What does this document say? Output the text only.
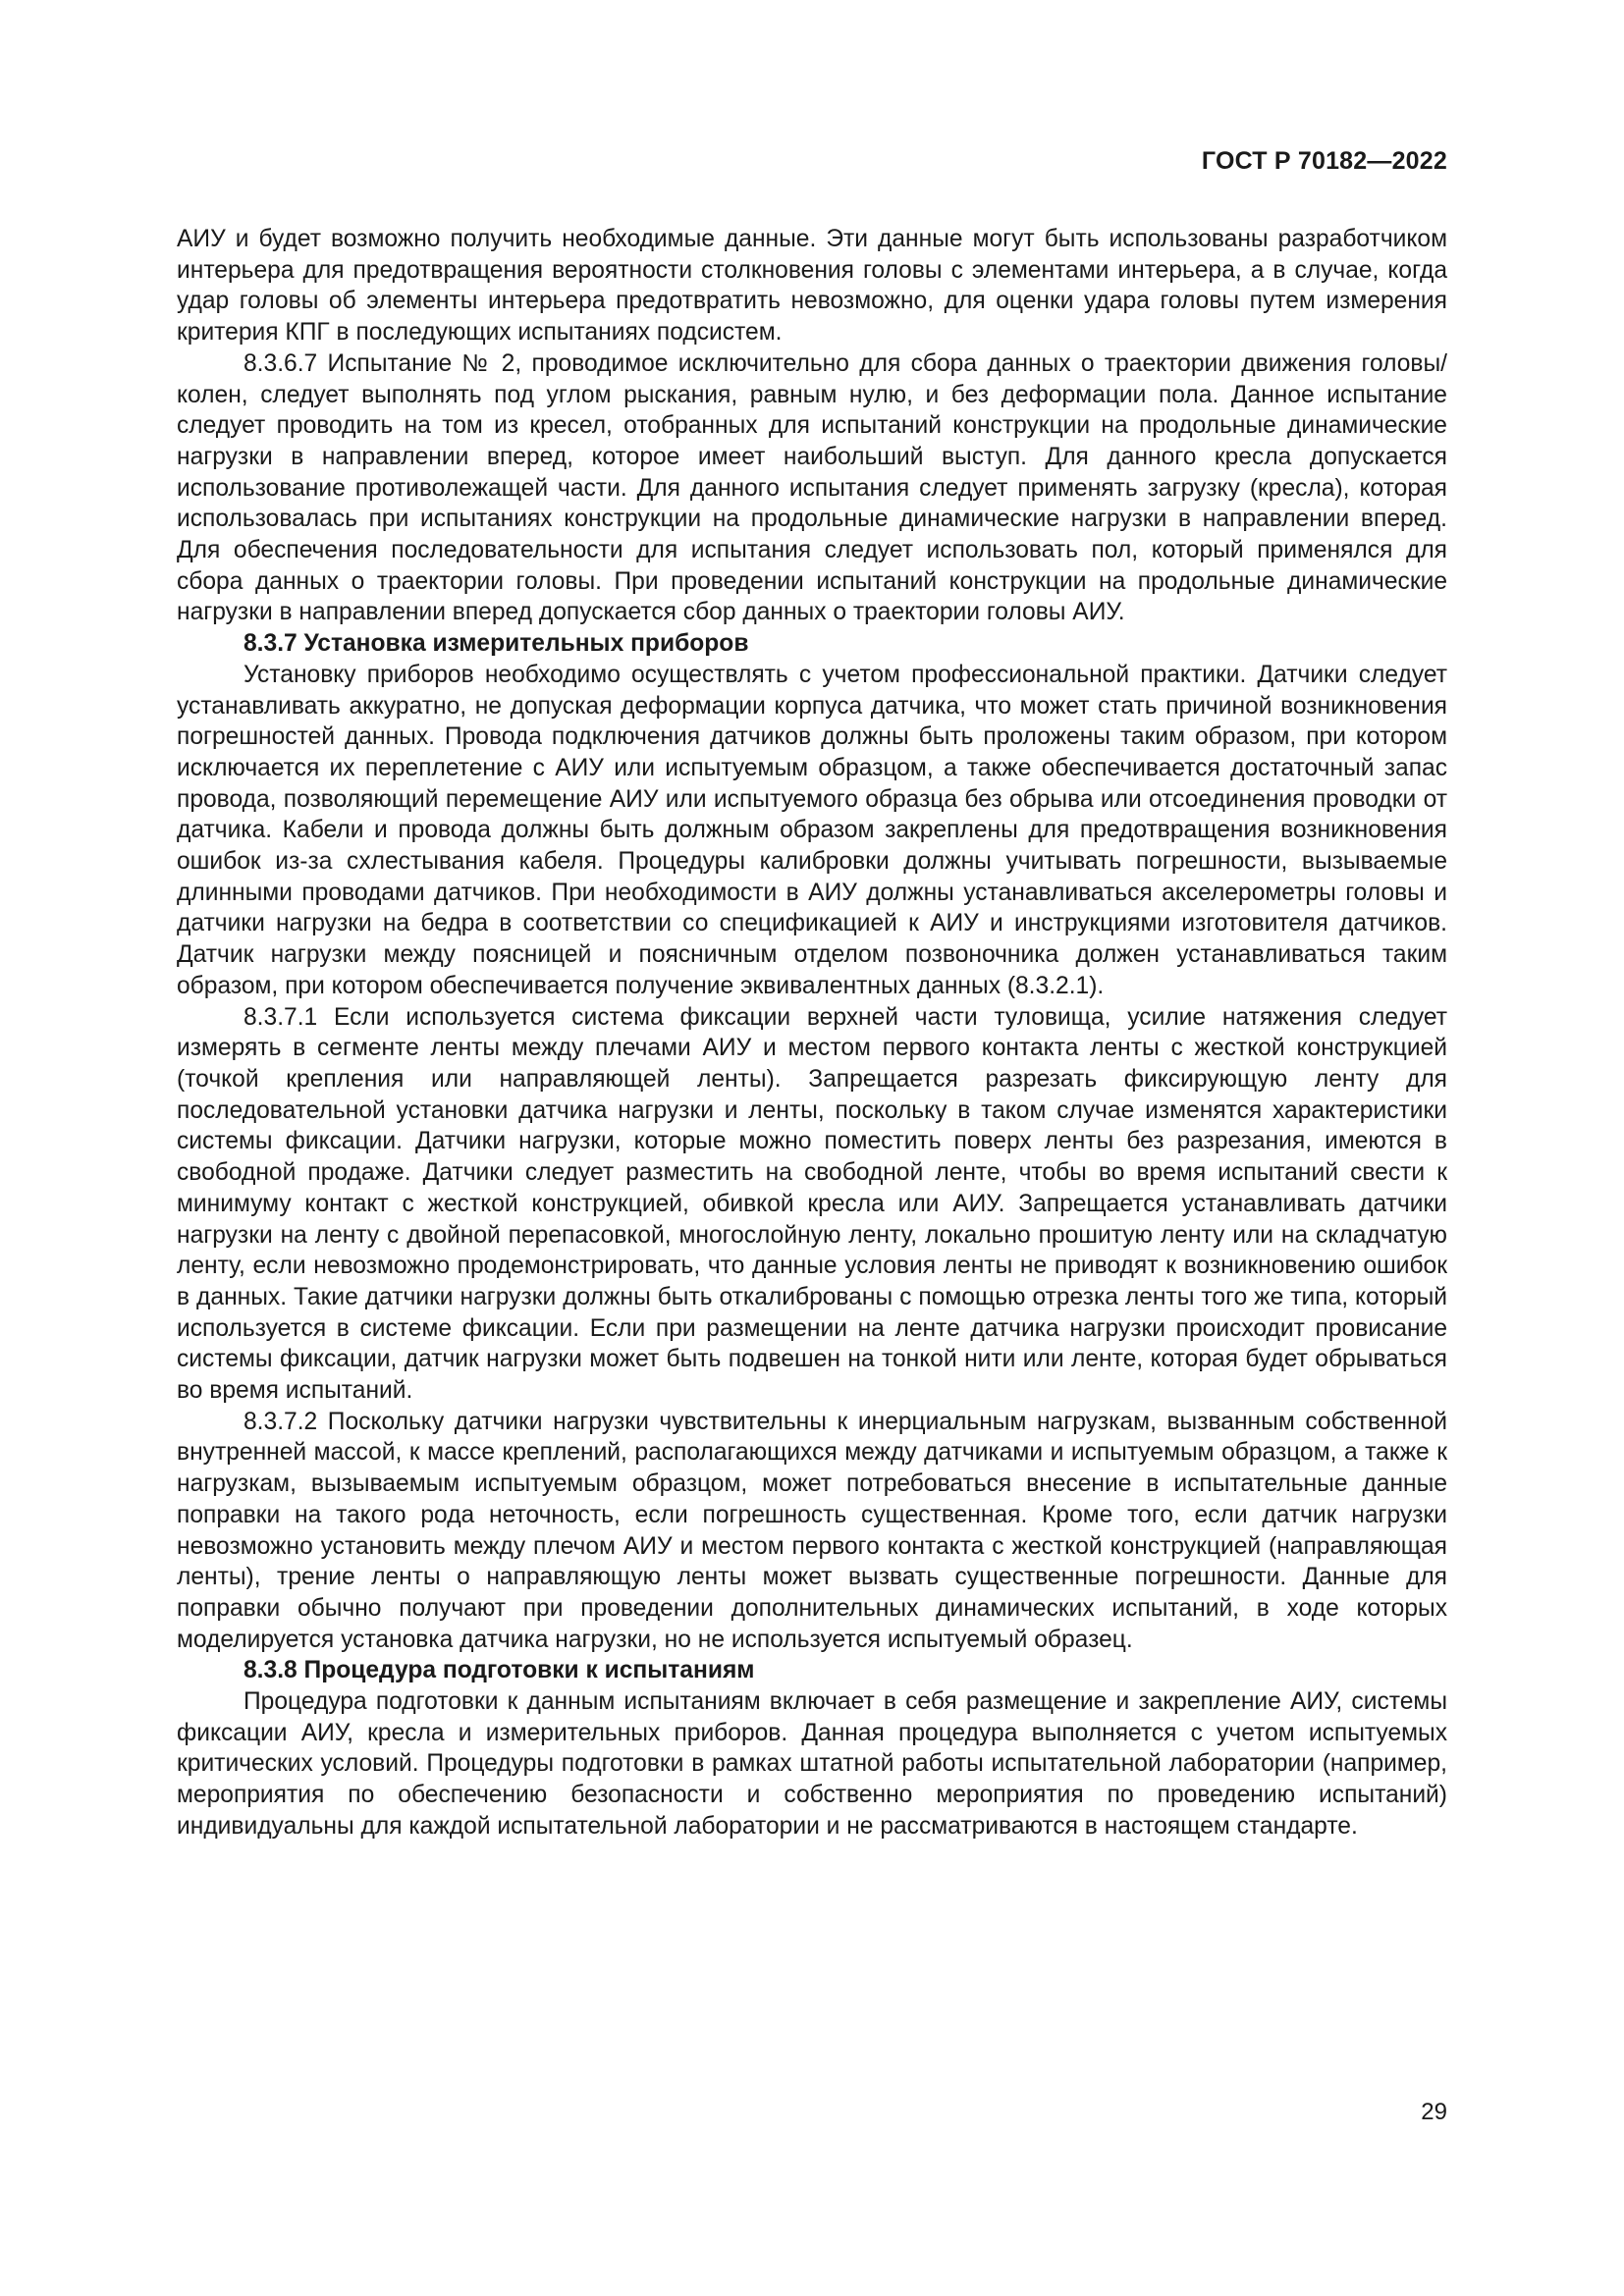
ГОСТ Р 70182—2022

АИУ и будет возможно получить необходимые данные. Эти данные могут быть использованы разработчиком интерьера для предотвращения вероятности столкновения головы с элементами интерьера, а в случае, когда удар головы об элементы интерьера предотвратить невозможно, для оценки удара головы путем измерения критерия КПГ в последующих испытаниях подсистем.

8.3.6.7 Испытание № 2, проводимое исключительно для сбора данных о траектории движения головы/колен, следует выполнять под углом рыскания, равным нулю, и без деформации пола. Данное испытание следует проводить на том из кресел, отобранных для испытаний конструкции на продольные динамические нагрузки в направлении вперед, которое имеет наибольший выступ. Для данного кресла допускается использование противолежащей части. Для данного испытания следует применять загрузку (кресла), которая использовалась при испытаниях конструкции на продольные динамические нагрузки в направлении вперед. Для обеспечения последовательности для испытания следует использовать пол, который применялся для сбора данных о траектории головы. При проведении испытаний конструкции на продольные динамические нагрузки в направлении вперед допускается сбор данных о траектории головы АИУ.

8.3.7 Установка измерительных приборов

Установку приборов необходимо осуществлять с учетом профессиональной практики. Датчики следует устанавливать аккуратно, не допуская деформации корпуса датчика, что может стать причиной возникновения погрешностей данных. Провода подключения датчиков должны быть проложены таким образом, при котором исключается их переплетение с АИУ или испытуемым образцом, а также обеспечивается достаточный запас провода, позволяющий перемещение АИУ или испытуемого образца без обрыва или отсоединения проводки от датчика. Кабели и провода должны быть должным образом закреплены для предотвращения возникновения ошибок из-за схлестывания кабеля. Процедуры калибровки должны учитывать погрешности, вызываемые длинными проводами датчиков. При необходимости в АИУ должны устанавливаться акселерометры головы и датчики нагрузки на бедра в соответствии со спецификацией к АИУ и инструкциями изготовителя датчиков. Датчик нагрузки между поясницей и поясничным отделом позвоночника должен устанавливаться таким образом, при котором обеспечивается получение эквивалентных данных (8.3.2.1).

8.3.7.1 Если используется система фиксации верхней части туловища, усилие натяжения следует измерять в сегменте ленты между плечами АИУ и местом первого контакта ленты с жесткой конструкцией (точкой крепления или направляющей ленты). Запрещается разрезать фиксирующую ленту для последовательной установки датчика нагрузки и ленты, поскольку в таком случае изменятся характеристики системы фиксации. Датчики нагрузки, которые можно поместить поверх ленты без разрезания, имеются в свободной продаже. Датчики следует разместить на свободной ленте, чтобы во время испытаний свести к минимуму контакт с жесткой конструкцией, обивкой кресла или АИУ. Запрещается устанавливать датчики нагрузки на ленту с двойной перепасовкой, многослойную ленту, локально прошитую ленту или на складчатую ленту, если невозможно продемонстрировать, что данные условия ленты не приводят к возникновению ошибок в данных. Такие датчики нагрузки должны быть откалиброваны с помощью отрезка ленты того же типа, который используется в системе фиксации. Если при размещении на ленте датчика нагрузки происходит провисание системы фиксации, датчик нагрузки может быть подвешен на тонкой нити или ленте, которая будет обрываться во время испытаний.

8.3.7.2 Поскольку датчики нагрузки чувствительны к инерциальным нагрузкам, вызванным собственной внутренней массой, к массе креплений, располагающихся между датчиками и испытуемым образцом, а также к нагрузкам, вызываемым испытуемым образцом, может потребоваться внесение в испытательные данные поправки на такого рода неточность, если погрешность существенная. Кроме того, если датчик нагрузки невозможно установить между плечом АИУ и местом первого контакта с жесткой конструкцией (направляющая ленты), трение ленты о направляющую ленты может вызвать существенные погрешности. Данные для поправки обычно получают при проведении дополнительных динамических испытаний, в ходе которых моделируется установка датчика нагрузки, но не используется испытуемый образец.

8.3.8 Процедура подготовки к испытаниям

Процедура подготовки к данным испытаниям включает в себя размещение и закрепление АИУ, системы фиксации АИУ, кресла и измерительных приборов. Данная процедура выполняется с учетом испытуемых критических условий. Процедуры подготовки в рамках штатной работы испытательной лаборатории (например, мероприятия по обеспечению безопасности и собственно мероприятия по проведению испытаний) индивидуальны для каждой испытательной лаборатории и не рассматриваются в настоящем стандарте.

29
